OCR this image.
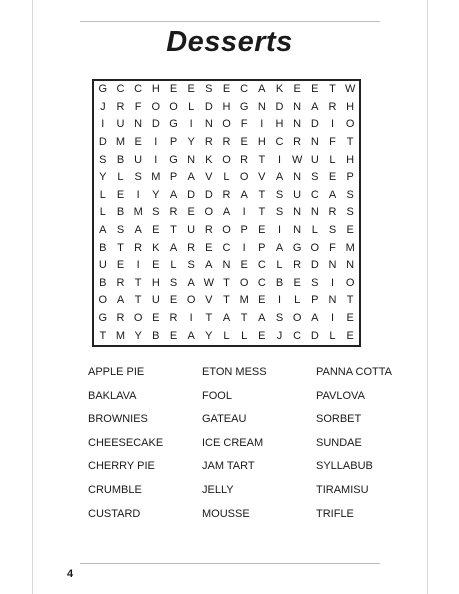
Desserts
G C C H E E S E C A K E E T W
J R F O O L D H G N D N A R H
I U N D G I N O F I H N D I O
D M E I P Y R R E H C R N F T
S B U I G N K O R T I W U L H
Y L S M P A V L O V A N S E P
L E I Y A D D R A T S U C A S
L B M S R E O A I T S N N R S
A S A E T U R O P E I N L S E
B T R K A R E C I P A G O F M
U E I E L S A N E C L R D N N
B R T H S A W T O C B E S I O
O A T U E O V T M E I L P N T
G R O E R I T A T A S O A I E
T M Y B E A Y L L E J C D L E
APPLE PIE	ETON MESS	PANNA COTTA
BAKLAVA	FOOL	PAVLOVA
BROWNIES	GATEAU	SORBET
CHEESECAKE	ICE CREAM	SUNDAE
CHERRY PIE	JAM TART	SYLLABUB
CRUMBLE	JELLY	TIRAMISU
CUSTARD	MOUSSE	TRIFLE
4
